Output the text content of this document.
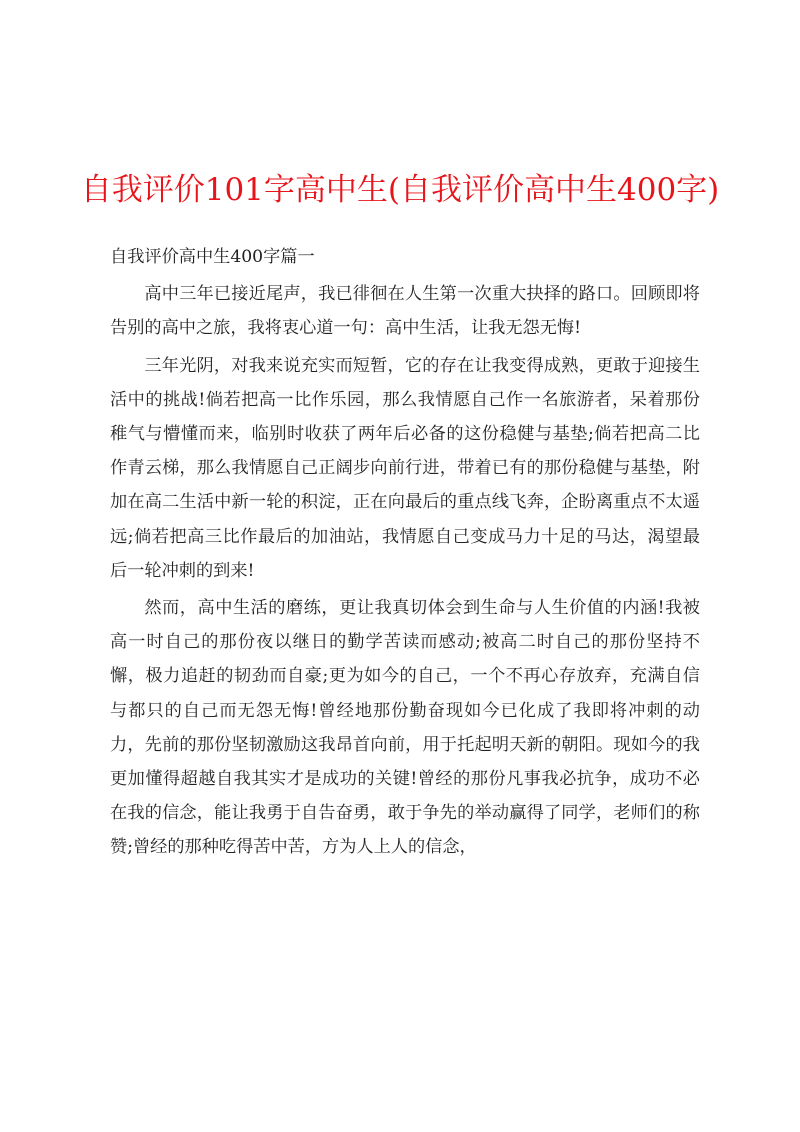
自我评价101字高中生(自我评价高中生400字)

自我评价高中生400字篇一

高中三年已接近尾声，我已徘徊在人生第一次重大抉择的路口。回顾即将告别的高中之旅，我将衷心道一句：高中生活，让我无怨无悔!

三年光阴，对我来说充实而短暂，它的存在让我变得成熟，更敢于迎接生活中的挑战!倘若把高一比作乐园，那么我情愿自己作一名旅游者，呆着那份稚气与懵懂而来，临别时收获了两年后必备的这份稳健与基垫;倘若把高二比作青云梯，那么我情愿自己正阔步向前行进，带着已有的那份稳健与基垫，附加在高二生活中新一轮的积淀，正在向最后的重点线飞奔，企盼离重点不太遥远;倘若把高三比作最后的加油站，我情愿自己变成马力十足的马达，渴望最后一轮冲刺的到来!

然而，高中生活的磨练，更让我真切体会到生命与人生价值的内涵!我被高一时自己的那份夜以继日的勤学苦读而感动;被高二时自己的那份坚持不懈，极力追赶的韧劲而自豪;更为如今的自己，一个不再心存放弃，充满自信与都只的自己而无怨无悔!曾经地那份勤奋现如今已化成了我即将冲刺的动力，先前的那份坚韧激励这我昂首向前，用于托起明天新的朝阳。现如今的我更加懂得超越自我其实才是成功的关键!曾经的那份凡事我必抗争，成功不必在我的信念，能让我勇于自告奋勇，敢于争先的举动赢得了同学，老师们的称赞;曾经的那种吃得苦中苦，方为人上人的信念，
